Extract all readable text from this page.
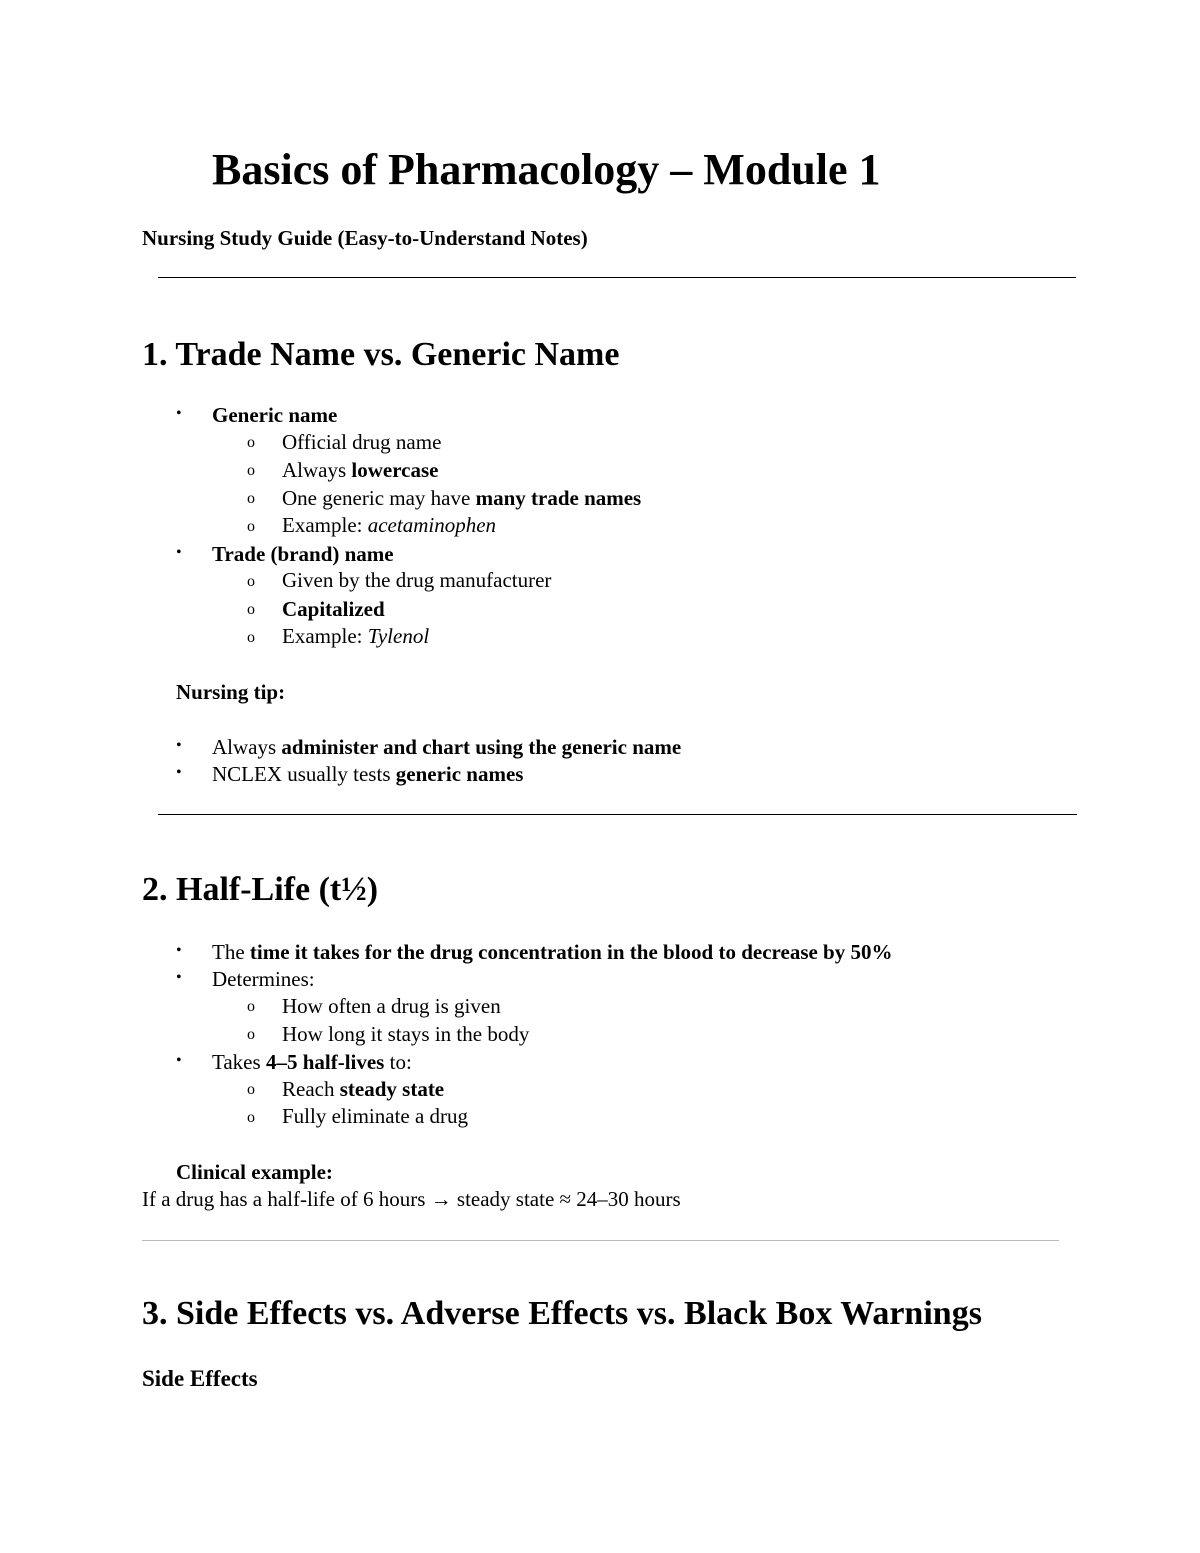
Basics of Pharmacology – Module 1
Nursing Study Guide (Easy-to-Understand Notes)
1. Trade Name vs. Generic Name
• Generic name
o Official drug name
o Always lowercase
o One generic may have many trade names
o Example: acetaminophen
• Trade (brand) name
o Given by the drug manufacturer
o Capitalized
o Example: Tylenol
Nursing tip:
• Always administer and chart using the generic name
• NCLEX usually tests generic names
2. Half-Life (t½)
• The time it takes for the drug concentration in the blood to decrease by 50%
• Determines:
o How often a drug is given
o How long it stays in the body
• Takes 4–5 half-lives to:
o Reach steady state
o Fully eliminate a drug
Clinical example:
If a drug has a half-life of 6 hours → steady state ≈ 24–30 hours
3. Side Effects vs. Adverse Effects vs. Black Box Warnings
Side Effects
